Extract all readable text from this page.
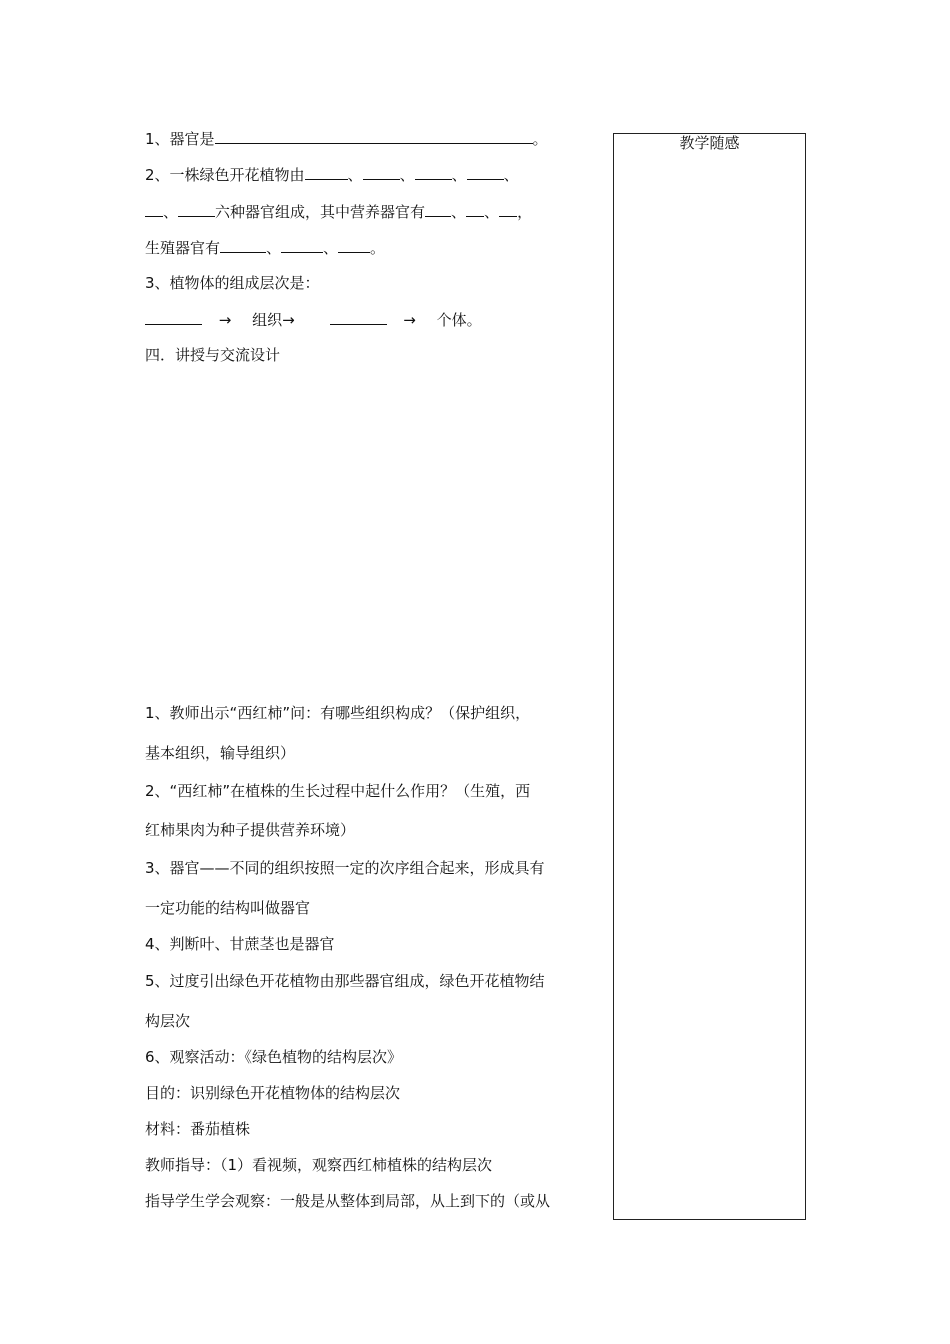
1、器官是	。
2、一株绿色开花植物由	、 、 、 、
、 六种器官组成，其中营养器官有 、 、 ，
生殖器官有	、	、 。
3、植物体的组成层次是：
→ 组织→	→ 个体。
四．讲授与交流设计
1、教师出示“西红柿”问：有哪些组织构成？（保护组织，
基本组织，输导组织）
2、“西红柿”在植株的生长过程中起什么作用？（生殖，西
红柿果肉为种子提供营养环境）
3、器官——不同的组织按照一定的次序组合起来，形成具有
一定功能的结构叫做器官
4、判断叶、甘蔗茎也是器官
5、过度引出绿色开花植物由那些器官组成，绿色开花植物结
构层次
6、观察活动：《绿色植物的结构层次》
目的：识别绿色开花植物体的结构层次
材料：番茄植株
教师指导：（1）看视频，观察西红柿植株的结构层次
指导学生学会观察：一般是从整体到局部，从上到下的（或从
教学随感
